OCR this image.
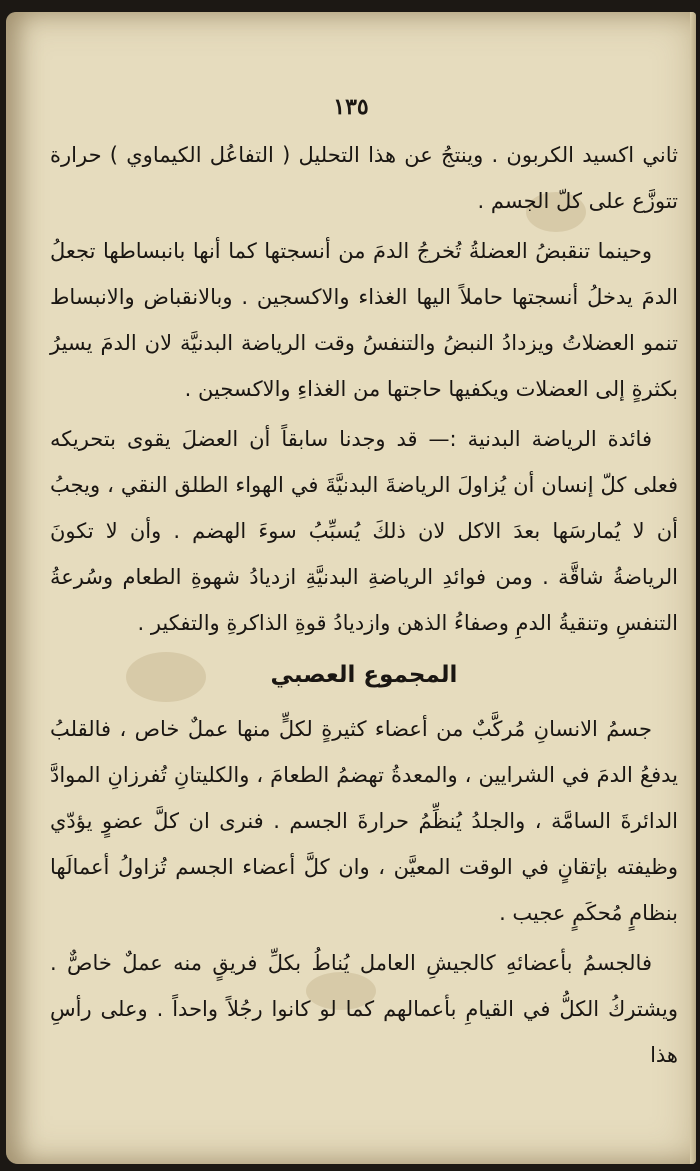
١٣٥

ثاني اكسيد الكربون . وينتجُ عن هذا التحليل ( التفاعُل الكيماوي ) حرارة تتوزَّع على كلّ الجسم .

وحينما تنقبضُ العضلةُ تُخرجُ الدمَ من أنسجتها كما أنها بانبساطها تجعلُ الدمَ يدخلُ أنسجتها حاملاً اليها الغذاء والاكسجين . وبالانقباض والانبساط تنمو العضلاتُ ويزدادُ النبضُ والتنفسُ وقت الرياضة البدنيَّة لان الدمَ يسيرُ بكثرةٍ إلى العضلات ويكفيها حاجتها من الغذاءِ والاكسجين .

فائدة الرياضة البدنية :— قد وجدنا سابقاً أن العضلَ يقوى بتحريكه فعلى كلّ إنسان أن يُزاولَ الرياضةَ البدنيَّةَ في الهواء الطلق النقي ، ويجبُ أن لا يُمارسَها بعدَ الاكل لان ذلكَ يُسبِّبُ سوءَ الهضم . وأن لا تكونَ الرياضةُ شاقَّة . ومن فوائدِ الرياضةِ البدنيَّةِ ازديادُ شهوةِ الطعام وسُرعةُ التنفسِ وتنقيةُ الدمِ وصفاءُ الذهن وازديادُ قوةِ الذاكرةِ والتفكير .

المجموع العصبي

جسمُ الانسانِ مُركَّبٌ من أعضاء كثيرةٍ لكلٍّ منها عملٌ خاص ، فالقلبُ يدفعُ الدمَ في الشرايين ، والمعدةُ تهضمُ الطعامَ ، والكليتانِ تُفرزانِ الموادَّ الدائرةَ السامَّة ، والجلدُ يُنظِّمُ حرارةَ الجسم . فنرى ان كلَّ عضوٍ يؤدّي وظيفته بإتقانٍ في الوقت المعيَّن ، وان كلَّ أعضاء الجسم تُزاولُ أعمالَها بنظامٍ مُحكَمٍ عجيب .

فالجسمُ بأعضائهِ كالجيشِ العامل يُناطُ بكلِّ فريقٍ منه عملٌ خاصٌّ . ويشتركُ الكلُّ في القيامِ بأعمالهم كما لو كانوا رجُلاً واحداً . وعلى رأسِ هذا
